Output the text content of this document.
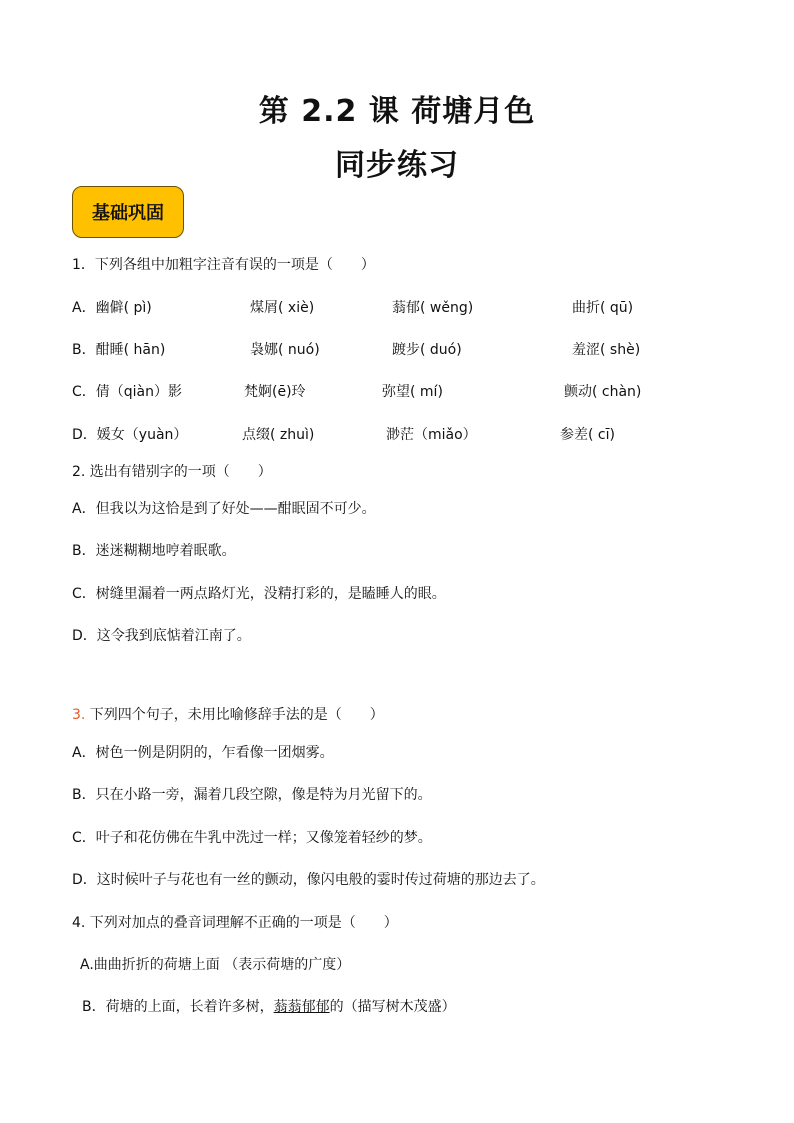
第 2.2 课 荷塘月色
同步练习
基础巩固
1．下列各组中加粗字注音有误的一项是（　　）
A．幽僻( pì)	煤屑( xiè)	蓊郁( wěng)	曲折( qū)
B．酣睡( hān)	袅娜( nuó)	踱步( duó)	羞涩( shè)
C．倩（qiàn）影	梵婀(ē)玲	弥望( mí)	颤动( chàn)
D．媛女（yuàn）	点缀( zhuì)	渺茫（miǎo）	参差( cī)
2. 选出有错别字的一项（　　）
A．但我以为这恰是到了好处——酣眠固不可少。
B．迷迷糊糊地哼着眠歌。
C．树缝里漏着一两点路灯光，没精打彩的，是瞌睡人的眼。
D．这令我到底惦着江南了。
3. 下列四个句子，未用比喻修辞手法的是（　　）
A．树色一例是阴阴的，乍看像一团烟雾。
B．只在小路一旁，漏着几段空隙，像是特为月光留下的。
C．叶子和花仿佛在牛乳中洗过一样；又像笼着轻纱的梦。
D．这时候叶子与花也有一丝的颤动，像闪电般的霎时传过荷塘的那边去了。
4. 下列对加点的叠音词理解不正确的一项是（　　）
A.曲曲折折的荷塘上面 （表示荷塘的广度）
B．荷塘的上面，长着许多树，蓊蓊郁郁的（描写树木茂盛）
